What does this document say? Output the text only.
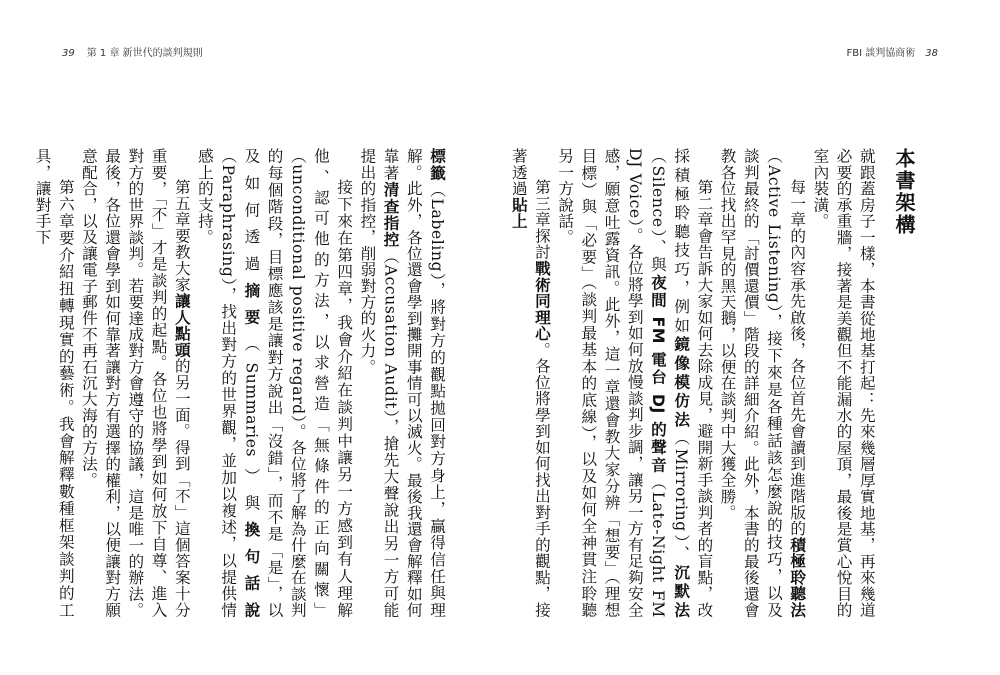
39 第 1 章 新世代的談判規則	FBI 談判協商術 38
本書架構

就跟蓋房子一樣，本書從地基打起：先來幾層厚實地基，再來幾道必要的承重牆，接著是美觀但不能漏水的屋頂，最後是賞心悅目的室內裝潢。

每一章的內容承先啟後，各位首先會讀到進階版的積極聆聽法（Active Listening），接下來是各種話該怎麼說的技巧，以及談判最終的「討價還價」階段的詳細介紹。此外，本書的最後還會教各位找出罕見的黑天鵝，以便在談判中大獲全勝。

第二章會告訴大家如何去除成見，避開新手談判者的盲點，改採積極聆聽技巧，例如鏡像模仿法（Mirroring）、沉默法（Silence）、與夜間 FM 電台 DJ 的聲音（Late-Night FM DJ Voice）。各位將學到如何放慢談判步調，讓另一方有足夠安全感，願意吐露資訊。此外，這一章還會教大家分辨「想要」（理想目標）與「必要」（談判最基本的底線），以及如何全神貫注聆聽另一方說話。

第三章探討戰術同理心。各位將學到如何找出對手的觀點，接著透過貼上

標籤（Labeling），將對方的觀點拋回對方身上，贏得信任與理解。此外，各位還會學到攤開事情可以滅火。最後我還會解釋如何靠著清查指控（Accusation Audit），搶先大聲說出另一方可能提出的指控，削弱對方的火力。

接下來在第四章，我會介紹在談判中讓另一方感到有人理解他、認可他的方法，以求營造「無條件的正向關懷」（unconditional positive regard）。各位將了解為什麼在談判的每個階段，目標應該是讓對方說出「沒錯」，而不是「是」，以及如何透過摘要（Summaries）與換句話說（Paraphrasing），找出對方的世界觀，並加以複述，以提供情感上的支持。

第五章要教大家讓人點頭的另一面。得到「不」這個答案十分重要，「不」才是談判的起點。各位也將學到如何放下自尊、進入對方的世界談判。若要達成對方會遵守的協議，這是唯一的辦法。最後，各位還會學到如何靠著讓對方有選擇的權利，以便讓對方願意配合，以及讓電子郵件不再石沉大海的方法。

第六章要介紹扭轉現實的藝術。我會解釋數種框架談判的工具，讓對手下
